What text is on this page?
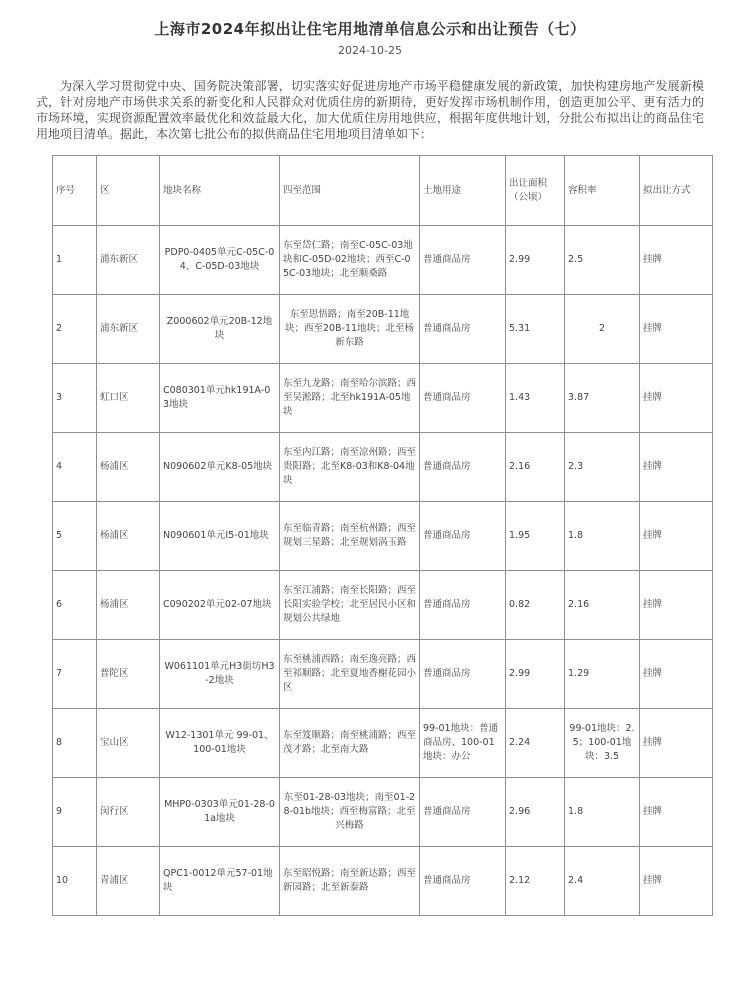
上海市2024年拟出让住宅用地清单信息公示和出让预告（七）
2024-10-25

为深入学习贯彻党中央、国务院决策部署，切实落实好促进房地产市场平稳健康发展的新政策，加快构建房地产发展新模式，针对房地产市场供求关系的新变化和人民群众对优质住房的新期待，更好发挥市场机制作用，创造更加公平、更有活力的市场环境，实现资源配置效率最优化和效益最大化，加大优质住房用地供应，根据年度供地计划，分批公布拟出让的商品住宅用地项目清单。据此，本次第七批公布的拟供商品住宅用地项目清单如下：

序号	区	地块名称	四至范围	土地用途	出让面积（公顷）	容积率	拟出让方式
1	浦东新区	PDP0-0405单元C-05C-04、C-05D-03地块	东至岱仁路；南至C-05C-03地块和C-05D-02地块；西至C-05C-03地块；北至顺桑路	普通商品房	2.99	2.5	挂牌
2	浦东新区	Z000602单元20B-12地块	东至思悟路；南至20B-11地块；西至20B-11地块；北至杨新东路	普通商品房	5.31	2	挂牌
3	虹口区	C080301单元hk191A-03地块	东至九龙路；南至哈尔滨路；西至吴淞路；北至hk191A-05地块	普通商品房	1.43	3.87	挂牌
4	杨浦区	N090602单元K8-05地块	东至内江路；南至凉州路；西至贵阳路；北至K8-03和K8-04地块	普通商品房	2.16	2.3	挂牌
5	杨浦区	N090601单元I5-01地块	东至临青路；南至杭州路；西至规划三星路；北至规划涡玉路	普通商品房	1.95	1.8	挂牌
6	杨浦区	C090202单元02-07地块	东至江浦路；南至长阳路；西至长阳实验学校；北至居民小区和规划公共绿地	普通商品房	0.82	2.16	挂牌
7	普陀区	W061101单元H3街坊H3-2地块	东至桃浦西路；南至逸亮路；西至祁顺路；北至夏地香榭花园小区	普通商品房	2.99	1.29	挂牌
8	宝山区	W12-1301单元 99-01、100-01地块	东至笈顺路；南至桃浦路；西至茂才路；北至南大路	99-01地块：普通商品房、100-01地块：办公	2.24	99-01地块：2.5；100-01地块：3.5	挂牌
9	闵行区	MHP0-0303单元01-28-01a地块	东至01-28-03地块；南至01-28-01b地块；西至梅富路；北至兴梅路	普通商品房	2.96	1.8	挂牌
10	青浦区	QPC1-0012单元57-01地块	东至昭悦路；南至新达路；西至新园路；北至新泰路	普通商品房	2.12	2.4	挂牌
